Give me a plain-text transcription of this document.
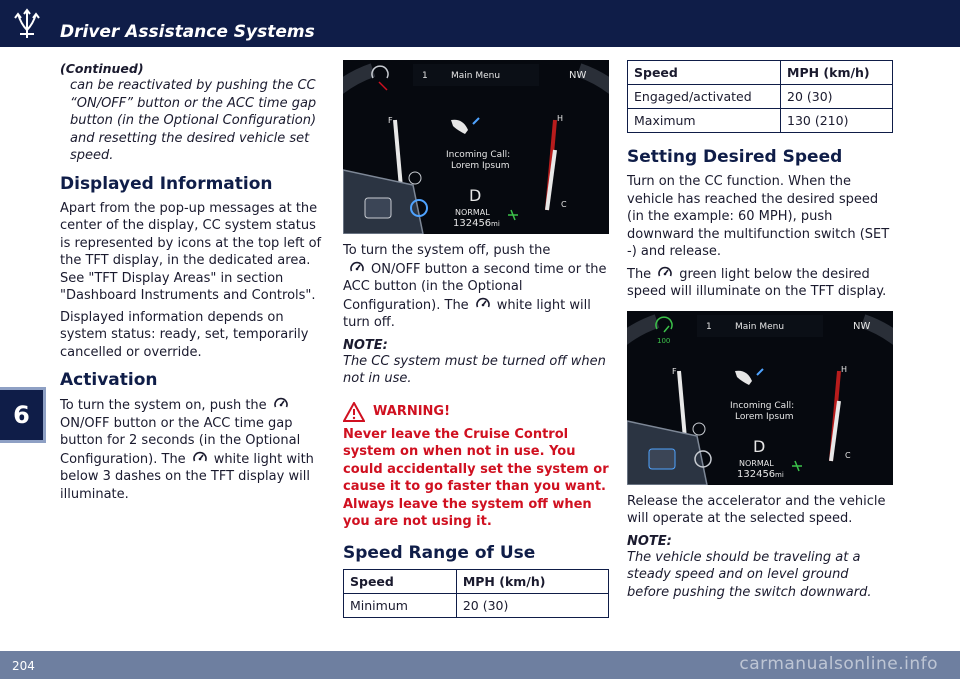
Driver Assistance Systems
6
(Continued)
can be reactivated by pushing the CC “ON/OFF” button or the ACC time gap button (in the Optional Configuration) and resetting the desired vehicle set speed.
Displayed Information

Apart from the pop-up messages at the center of the display, CC system status is represented by icons at the top left of the TFT display, in the dedicated area. See "TFT Display Areas" in section "Dashboard Instruments and Controls".

Displayed information depends on system status: ready, set, temporarily cancelled or override.

Activation

To turn the system on, push theON/OFF button or the ACC time gap button for 2 seconds (in the Optional Configuration). The white light with below 3 dashes on the TFT display will illuminate.

1	Main Menu	NW
Incoming Call:
Lorem Ipsum
D
NORMAL
132456 mi
F	H
C

To turn the system off, push the
ON/OFF button a second time or the ACC button (in the Optional Configuration). The white light will turn off.

NOTE:
The CC system must be turned off when not in use.
WARNING!
Never leave the Cruise Control system on when not in use. You could accidentally set the system or cause it to go faster than you want. Always leave the system off when you are not using it.
Speed Range of Use
Speed	MPH (km/h)
Minimum	20 (30)
Speed	MPH (km/h)
Engaged/activated	20 (30)
Maximum	130 (210)
Setting Desired Speed

Turn on the CC function. When the vehicle has reached the desired speed (in the example: 60 MPH), push downward the multifunction switch (SET -) and release.

The green light below the desired speed will illuminate on the TFT display.

100
1	Main Menu	NW
Incoming Call:
Lorem Ipsum
D
NORMAL
132456 mi
F	H
C

Release the accelerator and the vehicle will operate at the selected speed.

NOTE:
The vehicle should be traveling at a steady speed and on level ground before pushing the switch downward.
204	carmanualsonline.info
